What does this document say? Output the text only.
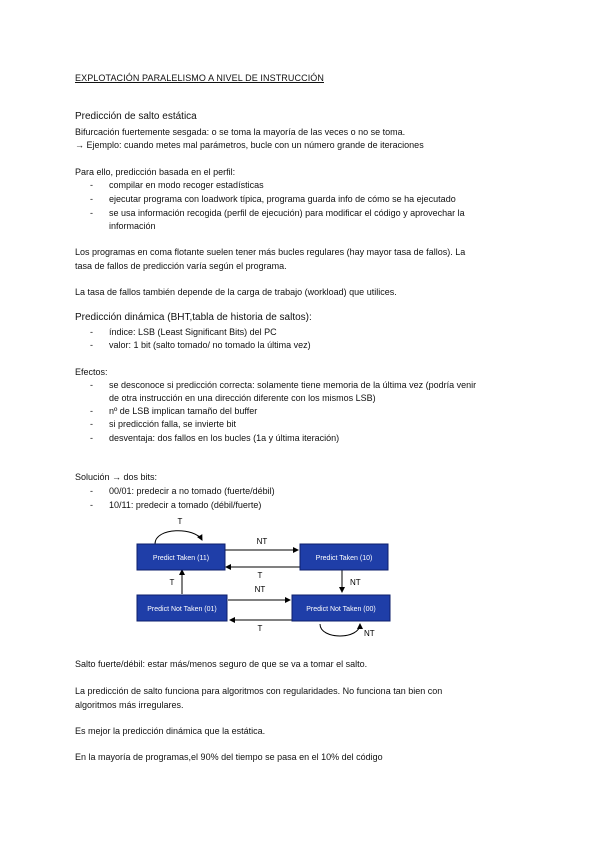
EXPLOTACIÓN PARALELISMO A NIVEL DE INSTRUCCIÓN
Predicción de salto estática
Bifurcación fuertemente sesgada: o se toma la mayoría de las veces o no se toma.
→ Ejemplo: cuando metes mal parámetros, bucle con un número grande de iteraciones
Para ello, predicción basada en el perfil:
- compilar en modo recoger estadísticas
- ejecutar programa con loadwork típica, programa guarda info de cómo se ha ejecutado
- se usa información recogida (perfil de ejecución) para modificar el código y aprovechar la
información
Los programas en coma flotante suelen tener más bucles regulares (hay mayor tasa de fallos). La
tasa de fallos de predicción varía según el programa.
La tasa de fallos también depende de la carga de trabajo (workload) que utilices.
Predicción dinámica (BHT,tabla de historia de saltos):
- índice: LSB (Least Significant Bits) del PC
- valor: 1 bit (salto tomado/ no tomado la última vez)
Efectos:
- se desconoce si predicción correcta: solamente tiene memoria de la última vez (podría venir
de otra instrucción en una dirección diferente con los mismos LSB)
- nº de LSB implican tamaño del buffer
- si predicción falla, se invierte bit
- desventaja: dos fallos en los bucles (1a y última iteración)
Solución → dos bits:
- 00/01: predecir a no tomado (fuerte/débil)
- 10/11: predecir a tomado (débil/fuerte)
Predict Taken (11)	Predict Taken (10)
Predict Not Taken (01)	Predict Not Taken (00)
T
NT
T
NT
T
NT
T
NT
Salto fuerte/débil: estar más/menos seguro de que se va a tomar el salto.
La predicción de salto funciona para algoritmos con regularidades. No funciona tan bien con
algoritmos más irregulares.
Es mejor la predicción dinámica que la estática.
En la mayoría de programas,el 90% del tiempo se pasa en el 10% del código
